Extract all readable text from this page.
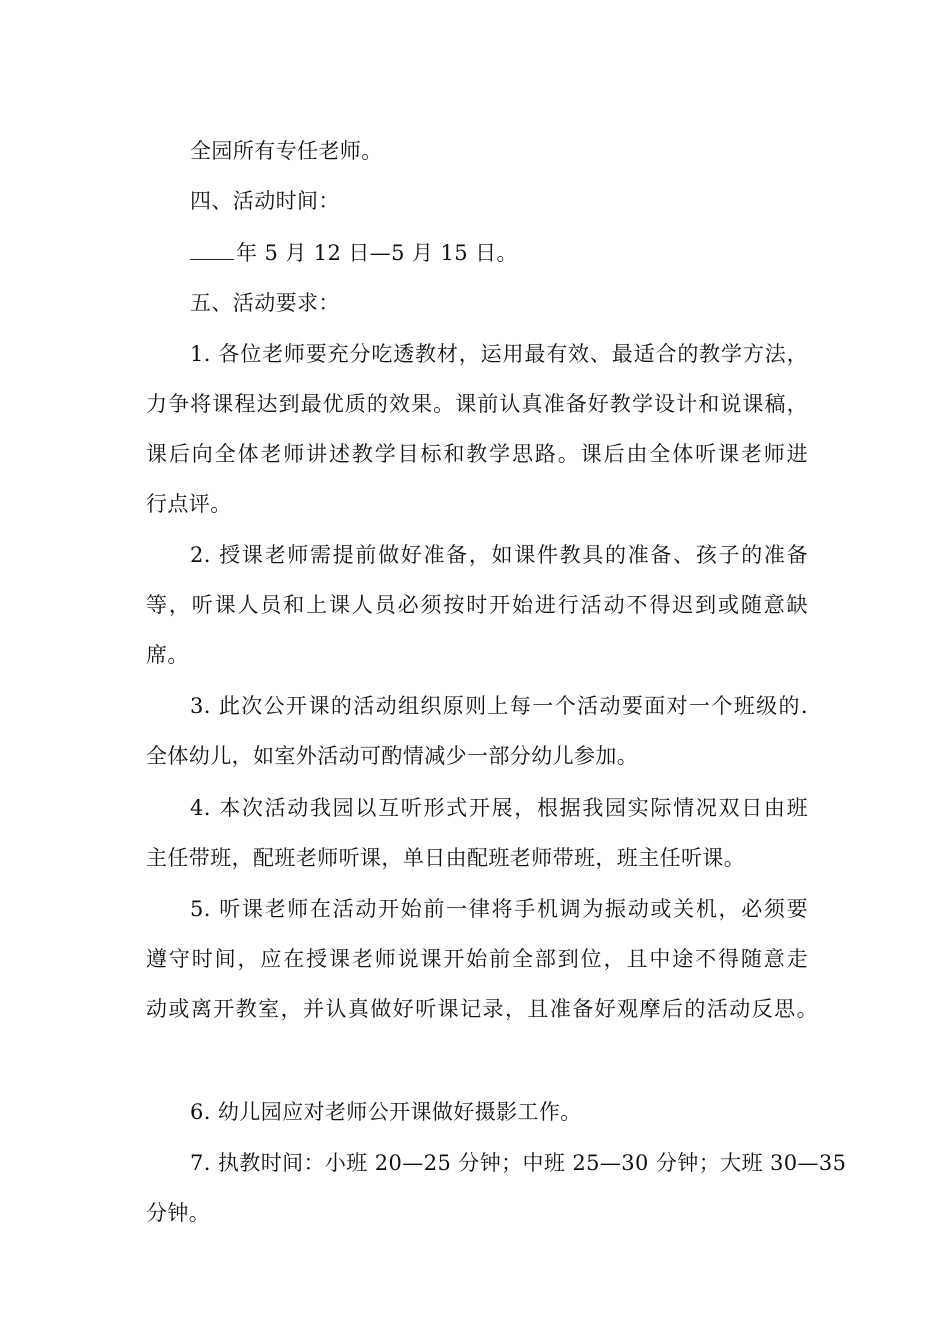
全园所有专任老师。
四、活动时间：
年 5 月 12 日—5 月 15 日。
五、活动要求：
1. 各位老师要充分吃透教材，运用最有效、最适合的教学方法，
力争将课程达到最优质的效果。课前认真准备好教学设计和说课稿，
课后向全体老师讲述教学目标和教学思路。课后由全体听课老师进
行点评。
2. 授课老师需提前做好准备，如课件教具的准备、孩子的准备
等，听课人员和上课人员必须按时开始进行活动不得迟到或随意缺
席。
3. 此次公开课的活动组织原则上每一个活动要面对一个班级的.
全体幼儿，如室外活动可酌情减少一部分幼儿参加。
4. 本次活动我园以互听形式开展，根据我园实际情况双日由班
主任带班，配班老师听课，单日由配班老师带班，班主任听课。
5. 听课老师在活动开始前一律将手机调为振动或关机，必须要
遵守时间，应在授课老师说课开始前全部到位，且中途不得随意走
动或离开教室，并认真做好听课记录，且准备好观摩后的活动反思。
6. 幼儿园应对老师公开课做好摄影工作。
7. 执教时间：小班 20—25 分钟；中班 25—30 分钟；大班 30—35
分钟。
